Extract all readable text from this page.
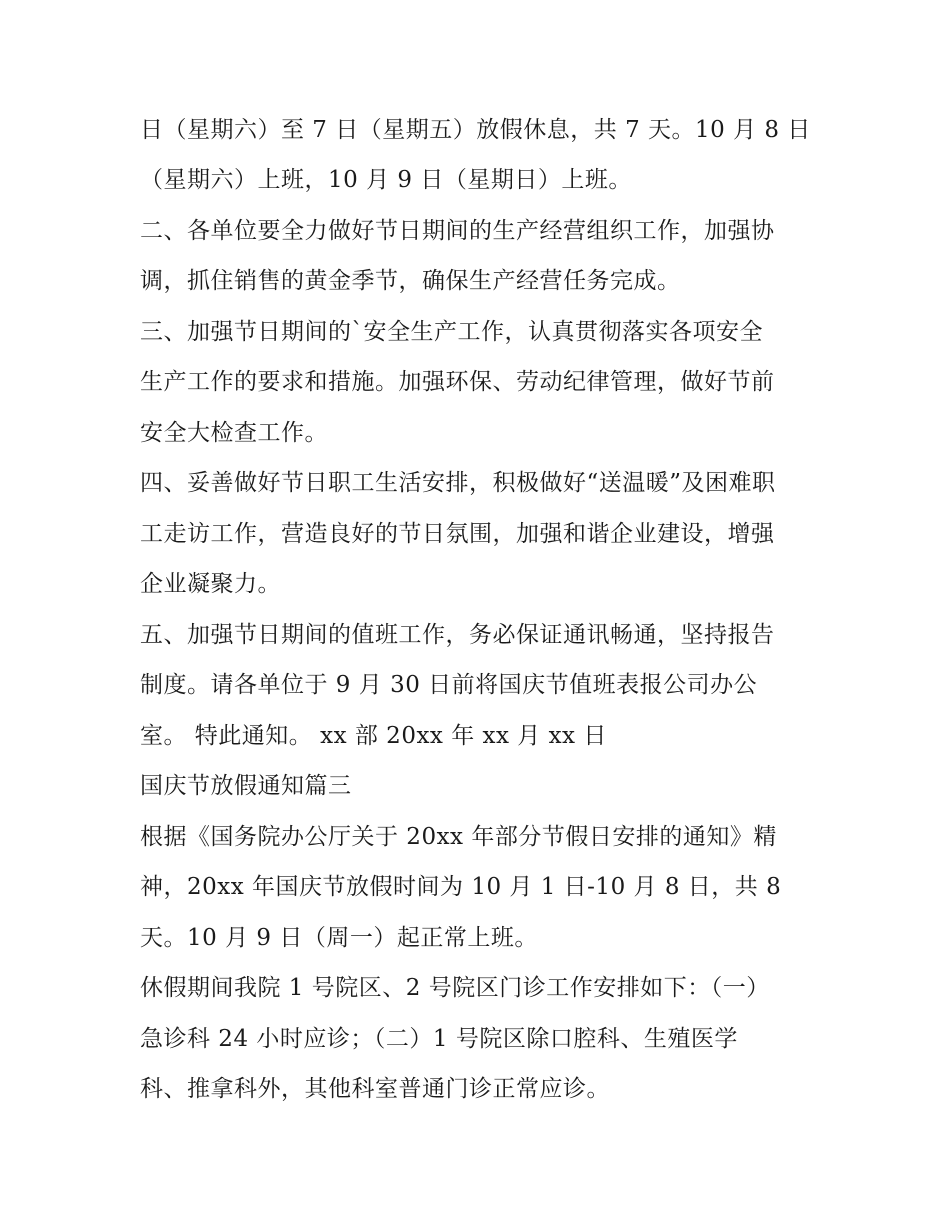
日（星期六）至 7 日（星期五）放假休息，共 7 天。10 月 8 日
（星期六）上班，10 月 9 日（星期日）上班。
二、各单位要全力做好节日期间的生产经营组织工作，加强协
调，抓住销售的黄金季节，确保生产经营任务完成。
三、加强节日期间的`安全生产工作，认真贯彻落实各项安全
生产工作的要求和措施。加强环保、劳动纪律管理，做好节前
安全大检查工作。
四、妥善做好节日职工生活安排，积极做好“送温暖”及困难职
工走访工作，营造良好的节日氛围，加强和谐企业建设，增强
企业凝聚力。
五、加强节日期间的值班工作，务必保证通讯畅通，坚持报告
制度。请各单位于 9 月 30 日前将国庆节值班表报公司办公
室。 特此通知。 xx 部 20xx 年 xx 月 xx 日
国庆节放假通知篇三
根据《国务院办公厅关于 20xx 年部分节假日安排的通知》精
神，20xx 年国庆节放假时间为 10 月 1 日-10 月 8 日，共 8
天。10 月 9 日（周一）起正常上班。
休假期间我院 1 号院区、2 号院区门诊工作安排如下：（一）
急诊科 24 小时应诊；（二）1 号院区除口腔科、生殖医学
科、推拿科外，其他科室普通门诊正常应诊。
